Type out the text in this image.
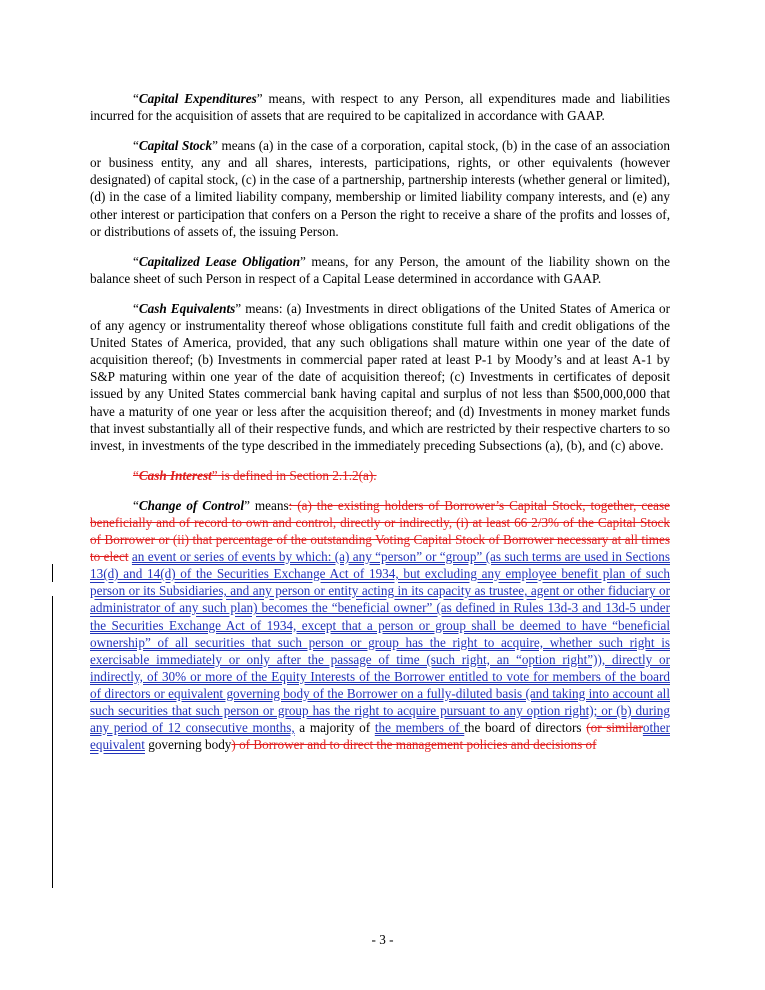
“Capital Expenditures” means, with respect to any Person, all expenditures made and liabilities incurred for the acquisition of assets that are required to be capitalized in accordance with GAAP.

“Capital Stock” means (a) in the case of a corporation, capital stock, (b) in the case of an association or business entity, any and all shares, interests, participations, rights, or other equivalents (however designated) of capital stock, (c) in the case of a partnership, partnership interests (whether general or limited), (d) in the case of a limited liability company, membership or limited liability company interests, and (e) any other interest or participation that confers on a Person the right to receive a share of the profits and losses of, or distributions of assets of, the issuing Person.

“Capitalized Lease Obligation” means, for any Person, the amount of the liability shown on the balance sheet of such Person in respect of a Capital Lease determined in accordance with GAAP.

“Cash Equivalents” means: (a) Investments in direct obligations of the United States of America or of any agency or instrumentality thereof whose obligations constitute full faith and credit obligations of the United States of America, provided, that any such obligations shall mature within one year of the date of acquisition thereof; (b) Investments in commercial paper rated at least P-1 by Moody’s and at least A-1 by S&P maturing within one year of the date of acquisition thereof; (c) Investments in certificates of deposit issued by any United States commercial bank having capital and surplus of not less than $500,000,000 that have a maturity of one year or less after the acquisition thereof; and (d) Investments in money market funds that invest substantially all of their respective funds, and which are restricted by their respective charters to so invest, in investments of the type described in the immediately preceding Subsections (a), (b), and (c) above.

“Cash Interest” is defined in Section 2.1.2(a).

“Change of Control” means: (a) the existing holders of Borrower’s Capital Stock, together, cease beneficially and of record to own and control, directly or indirectly, (i) at least 66 2/3% of the Capital Stock of Borrower or (ii) that percentage of the outstanding Voting Capital Stock of Borrower necessary at all times to elect an event or series of events by which: (a) any “person” or “group” (as such terms are used in Sections 13(d) and 14(d) of the Securities Exchange Act of 1934, but excluding any employee benefit plan of such person or its Subsidiaries, and any person or entity acting in its capacity as trustee, agent or other fiduciary or administrator of any such plan) becomes the “beneficial owner” (as defined in Rules 13d-3 and 13d-5 under the Securities Exchange Act of 1934, except that a person or group shall be deemed to have “beneficial ownership” of all securities that such person or group has the right to acquire, whether such right is exercisable immediately or only after the passage of time (such right, an “option right”)), directly or indirectly, of 30% or more of the Equity Interests of the Borrower entitled to vote for members of the board of directors or equivalent governing body of the Borrower on a fully-diluted basis (and taking into account all such securities that such person or group has the right to acquire pursuant to any option right); or (b) during any period of 12 consecutive months, a majority of the members of the board of directors (or similarother equivalent governing body) of Borrower and to direct the management policies and decisions of

- 3 -
